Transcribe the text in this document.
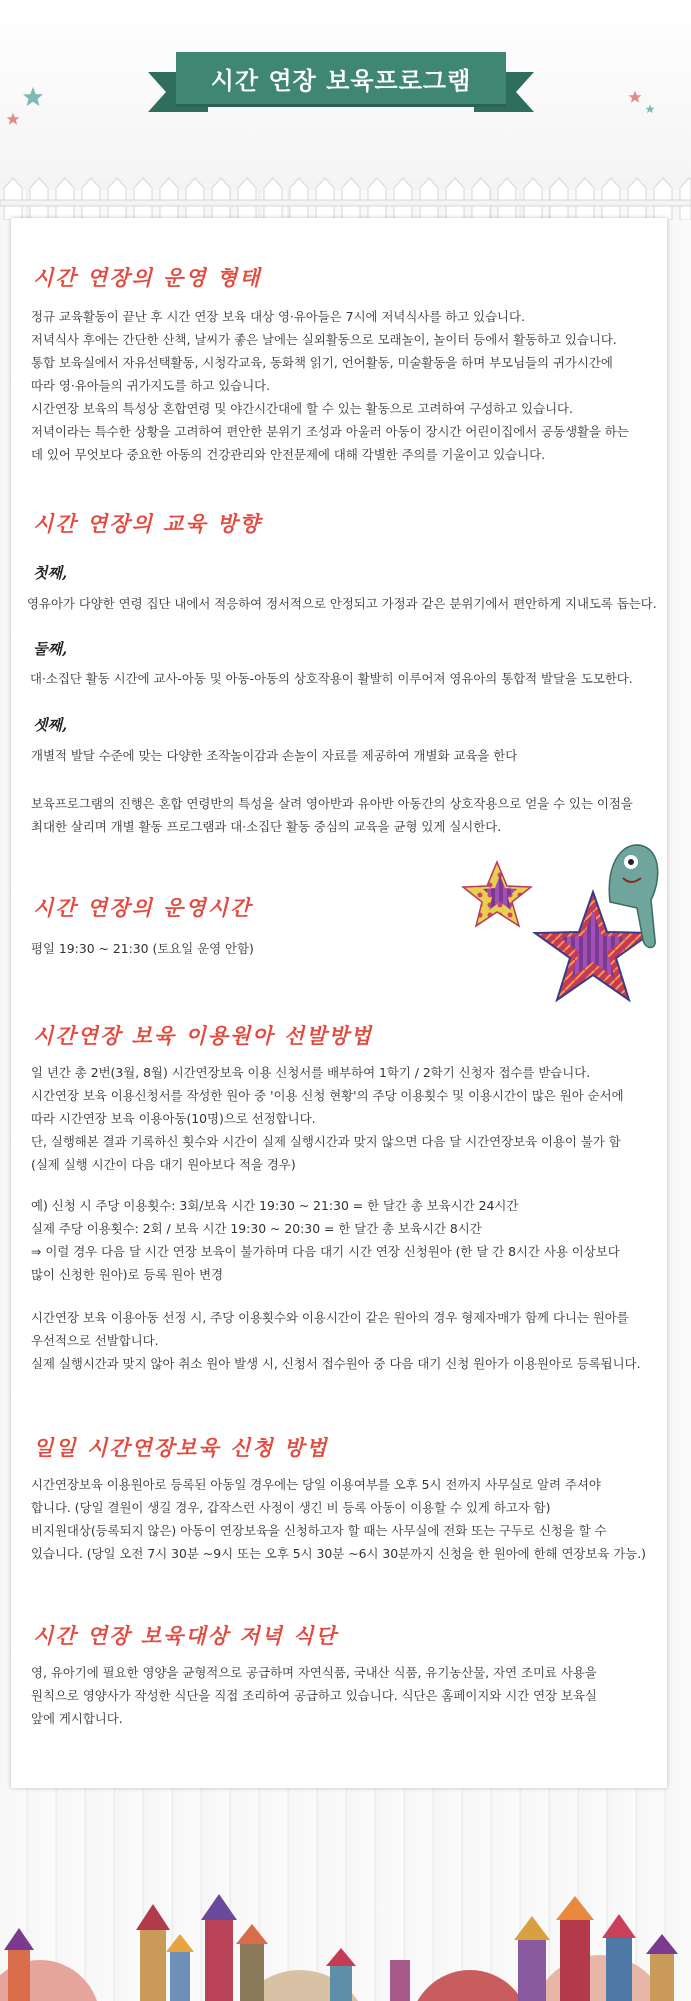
시간 연장 보육프로그램
시간 연장의 운영 형태
정규 교육활동이 끝난 후 시간 연장 보육 대상 영·유아들은 7시에 저녁식사를 하고 있습니다.
저녁식사 후에는 간단한 산책, 날씨가 좋은 날에는 실외활동으로 모래놀이, 놀이터 등에서 활동하고 있습니다.
통합 보육실에서 자유선택활동, 시청각교육, 동화책 읽기, 언어활동, 미술활동을 하며 부모님들의 귀가시간에
따라 영·유아들의 귀가지도를 하고 있습니다.
시간연장 보육의 특성상 혼합연령 및 야간시간대에 할 수 있는 활동으로 고려하여 구성하고 있습니다.
저녁이라는 특수한 상황을 고려하여 편안한 분위기 조성과 아울러 아동이 장시간 어린이집에서 공동생활을 하는
데 있어 무엇보다 중요한 아동의 건강관리와 안전문제에 대해 각별한 주의를 기울이고 있습니다.
시간 연장의 교육 방향
첫째,
영유아가 다양한 연령 집단 내에서 적응하여 정서적으로 안정되고 가정과 같은 분위기에서 편안하게 지내도록 돕는다.
둘째,
대·소집단 활동 시간에 교사-아동 및 아동-아동의 상호작용이 활발히 이루어져 영유아의 통합적 발달을 도모한다.
셋째,
개별적 발달 수준에 맞는 다양한 조작놀이감과 손놀이 자료를 제공하여 개별화 교육을 한다
보육프로그램의 진행은 혼합 연령반의 특성을 살려 영아반과 유아반 아동간의 상호작용으로 얻을 수 있는 이점을
최대한 살리며 개별 활동 프로그램과 대·소집단 활동 중심의 교육을 균형 있게 실시한다.
시간 연장의 운영시간
평일 19:30 ~ 21:30 (토요일 운영 안함)
시간연장 보육 이용원아 선발방법
일 년간 총 2번(3월, 8월) 시간연장보육 이용 신청서를 배부하여 1학기 / 2학기 신청자 접수를 받습니다.
시간연장 보육 이용신청서를 작성한 원아 중 '이용 신청 현황'의 주당 이용횟수 및 이용시간이 많은 원아 순서에
따라 시간연장 보육 이용아동(10명)으로 선정합니다.
단, 실행해본 결과 기록하신 횟수와 시간이 실제 실행시간과 맞지 않으면 다음 달 시간연장보육 이용이 불가 함
(실제 실행 시간이 다음 대기 원아보다 적을 경우)
예) 신청 시 주당 이용횟수: 3회/보육 시간 19:30 ~ 21:30 = 한 달간 총 보육시간 24시간
실제 주당 이용횟수: 2회 / 보육 시간 19:30 ~ 20:30 = 한 달간 총 보육시간 8시간
⇒ 이럴 경우 다음 달 시간 연장 보육이 불가하며 다음 대기 시간 연장 신청원아 (한 달 간 8시간 사용 이상보다
많이 신청한 원아)로 등록 원아 변경
시간연장 보육 이용아동 선정 시, 주당 이용횟수와 이용시간이 같은 원아의 경우 형제자매가 함께 다니는 원아를
우선적으로 선발합니다.
실제 실행시간과 맞지 않아 취소 원아 발생 시, 신청서 접수원아 중 다음 대기 신청 원아가 이용원아로 등록됩니다.
일일 시간연장보육 신청 방법
시간연장보육 이용원아로 등록된 아동일 경우에는 당일 이용여부를 오후 5시 전까지 사무실로 알려 주셔야
합니다. (당일 결원이 생길 경우, 갑작스런 사정이 생긴 비 등록 아동이 이용할 수 있게 하고자 함)
비지원대상(등록되지 않은) 아동이 연장보육을 신청하고자 할 때는 사무실에 전화 또는 구두로 신청을 할 수
있습니다. (당일 오전 7시 30분 ~9시 또는 오후 5시 30분 ~6시 30분까지 신청을 한 원아에 한해 연장보육 가능.)
시간 연장 보육대상 저녁 식단
영, 유아기에 필요한 영양을 균형적으로 공급하며 자연식품, 국내산 식품, 유기농산물, 자연 조미료 사용을
원칙으로 영양사가 작성한 식단을 직접 조리하여 공급하고 있습니다. 식단은 홈페이지와 시간 연장 보육실
앞에 게시합니다.
